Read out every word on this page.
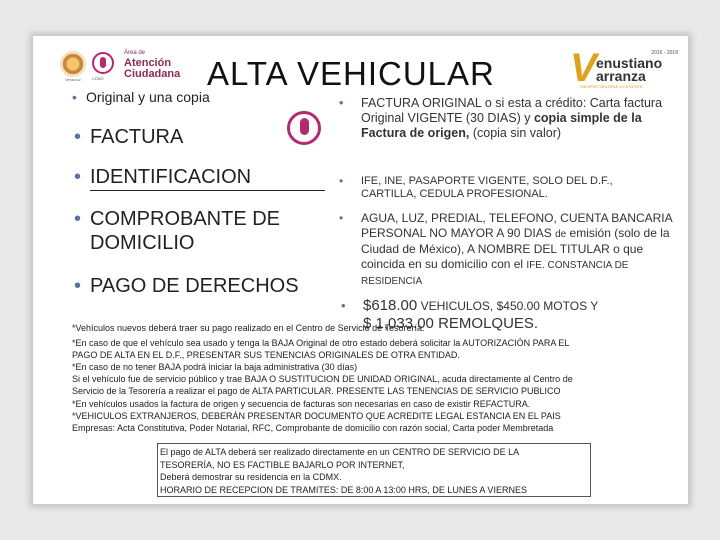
Veracruz	CDMX
Área de
Atención
Ciudadana ALTA VEHICULAR
2016 - 2018
V enustiano
arranza
SIEMPRE SENSIBLE A LA GENTE
• Original y una copia
• FACTURA
• IDENTIFICACION
• COMPROBANTE DE DOMICILIO
• PAGO DE DERECHOS
• FACTURA ORIGINAL o si esta a crédito: Carta factura Original VIGENTE (30 DIAS) y copia simple de la Factura de origen, (copia sin valor)
• IFE, INE, PASAPORTE VIGENTE, SOLO DEL D.F., CARTILLA, CEDULA PROFESIONAL.
• AGUA, LUZ, PREDIAL, TELEFONO, CUENTA BANCARIA PERSONAL NO MAYOR A 90 DIAS de emisión (solo de la Ciudad de México), A NOMBRE DEL TITULAR o que coincida en su domicilio con el IFE. CONSTANCIA DE RESIDENCIA
• $618.00 VEHICULOS, $450.00 MOTOS Y
$ 1,033.00 REMOLQUES.
*Vehículos nuevos deberá traer su pago realizado en el Centro de Servicio de Tesorería.
*En caso de que el vehículo sea usado y tenga la BAJA Original de otro estado deberá solicitar la AUTORIZACIÓN PARA EL
PAGO DE ALTA EN EL D.F., PRESENTAR SUS TENENCIAS ORIGINALES DE OTRA ENTIDAD.
*En caso de no tener BAJA podrá iniciar la baja administrativa (30 días)
Si el vehículo fue de servicio público y trae BAJA O SUSTITUCION DE UNIDAD ORIGINAL, acuda directamente al Centro de
Servicio de la Tesorería a realizar el pago de ALTA PARTICULAR. PRESENTE LAS TENENCIAS DE SERVICIO PUBLICO
*En vehículos usados la factura de origen y secuencia de facturas son necesarias en caso de existir REFACTURA.
*VEHICULOS EXTRANJEROS, DEBERÁN PRESENTAR DOCUMENTO QUE ACREDITE LEGAL ESTANCIA EN EL PAIS
Empresas: Acta Constitutiva, Poder Notarial, RFC, Comprobante de domicilio con razón social, Carta poder Membretada
El pago de ALTA deberá ser realizado directamente en un CENTRO DE SERVICIO DE LA
TESORERÍA, NO ES FACTIBLE BAJARLO POR INTERNET,
Deberá demostrar su residencia en la CDMX.
HORARIO DE RECEPCION DE TRAMITES: DE 8:00 A 13:00 HRS, DE LUNES A VIERNES
